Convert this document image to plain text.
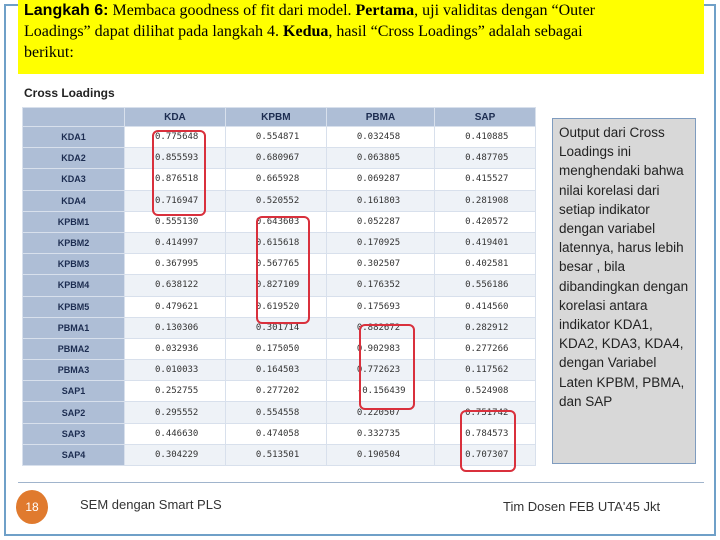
Langkah 6: Membaca goodness of fit dari model. Pertama, uji validitas dengan “Outer
Loadings” dapat dilihat pada langkah 4. Kedua, hasil “Cross Loadings” adalah sebagai
berikut:
Cross Loadings
	KDA	KPBM	PBMA	SAP
KDA1	0.775648	0.554871	0.032458	0.410885
KDA2	0.855593	0.680967	0.063805	0.487705
KDA3	0.876518	0.665928	0.069287	0.415527
KDA4	0.716947	0.520552	0.161803	0.281908
KPBM1	0.555130	0.643603	0.052287	0.420572
KPBM2	0.414997	0.615618	0.170925	0.419401
KPBM3	0.367995	0.567765	0.302507	0.402581
KPBM4	0.638122	0.827109	0.176352	0.556186
KPBM5	0.479621	0.619520	0.175693	0.414560
PBMA1	0.130306	0.301714	0.882672	0.282912
PBMA2	0.032936	0.175050	0.902983	0.277266
PBMA3	0.010033	0.164503	0.772623	0.117562
SAP1	0.252755	0.277202	-0.156439	0.524908
SAP2	0.295552	0.554558	0.220507	0.751742
SAP3	0.446630	0.474058	0.332735	0.784573
SAP4	0.304229	0.513501	0.190504	0.707307
Output dari Cross Loadings ini menghendaki bahwa nilai korelasi dari setiap indikator dengan variabel latennya, harus lebih besar , bila dibandingkan dengan korelasi antara indikator KDA1, KDA2, KDA3, KDA4, dengan Variabel Laten KPBM, PBMA, dan SAP
18	SEM dengan Smart PLS	Tim Dosen FEB UTA'45 Jkt
